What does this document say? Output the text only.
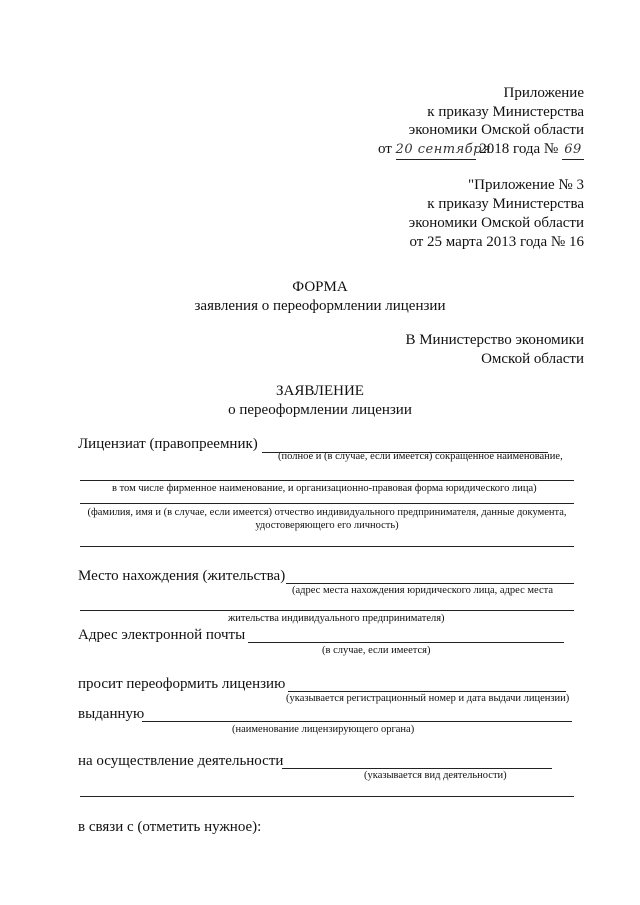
Приложение
к приказу Министерства
экономики Омской области
от 20 сентября 2018 года № 69
"Приложение № 3
к приказу Министерства
экономики Омской области
от 25 марта 2013 года № 16
ФОРМА
заявления о переоформлении лицензии
В Министерство экономики
Омской области
ЗАЯВЛЕНИЕ
о переоформлении лицензии
Лицензиат (правопреемник)
(полное и (в случае, если имеется) сокращенное наименование,
в том числе фирменное наименование, и организационно-правовая форма юридического лица)
(фамилия, имя и (в случае, если имеется) отчество индивидуального предпринимателя, данные документа,
удостоверяющего его личность)
Место нахождения (жительства)
(адрес места нахождения юридического лица, адрес места
жительства индивидуального предпринимателя)
Адрес электронной почты
(в случае, если имеется)
просит переоформить лицензию
(указывается регистрационный номер и дата выдачи лицензии)
выданную
(наименование лицензирующего органа)
на осуществление деятельности
(указывается вид деятельности)
в связи с (отметить нужное):
